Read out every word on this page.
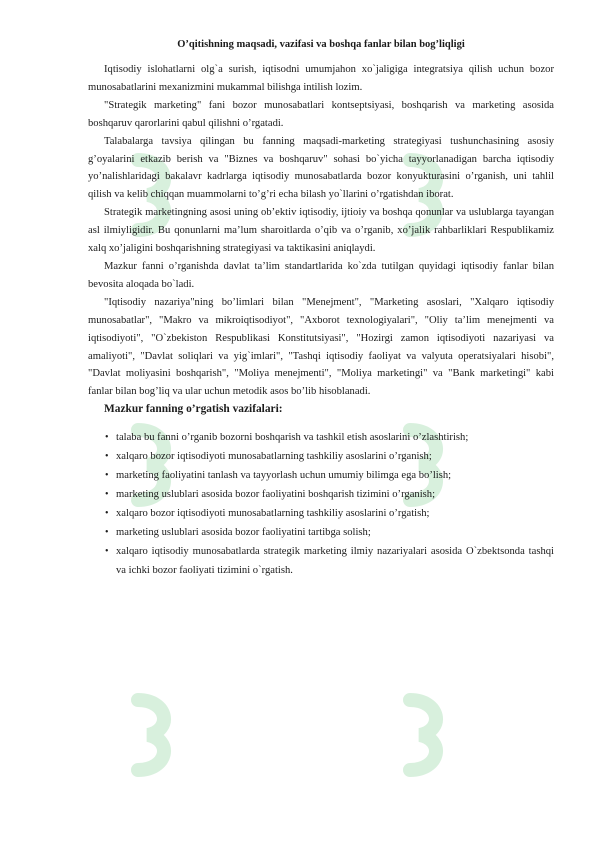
O’qitishning maqsadi, vazifasi va boshqa fanlar bilan bog’liqligi

Iqtisodiy islohatlarni olg`a surish, iqtisodni umumjahon xo`jaligiga integratsiya qilish uchun bozor munosabatlarini mexanizmini mukammal bilishga intilish lozim.

"Strategik marketing" fani bozor munosabatlari kontseptsiyasi, boshqarish va marketing asosida boshqaruv qarorlarini qabul qilishni o’rgatadi.

Talabalarga tavsiya qilingan bu fanning maqsadi-marketing strategiyasi tushunchasining asosiy g’oyalarini etkazib berish va "Biznes va boshqaruv" sohasi bo`yicha tayyorlanadigan barcha iqtisodiy yo’nalishlaridagi bakalavr kadrlarga iqtisodiy munosabatlarda bozor konyukturasini o’rganish, uni tahlil qilish va kelib chiqqan muammolarni to’g’ri echa bilash yo`llarini o’rgatishdan iborat.

Strategik marketingning asosi uning ob’ektiv iqtisodiy, ijtioiy va boshqa qonunlar va uslublarga tayangan asl ilmiyligidir. Bu qonunlarni ma’lum sharoitlarda o’qib va o’rganib, xo’jalik rahbarliklari Respublikamiz xalq xo’jaligini boshqarishning strategiyasi va taktikasini aniqlaydi.

Mazkur fanni o’rganishda davlat ta’lim standartlarida ko`zda tutilgan quyidagi iqtisodiy fanlar bilan bevosita aloqada bo`ladi.

"Iqtisodiy nazariya"ning bo’limlari bilan "Menejment", "Marketing asoslari, "Xalqaro iqtisodiy munosabatlar", "Makro va mikroiqtisodiyot", "Axborot texnologiyalari", "Oliy ta’lim menejmenti va iqtisodiyoti", "O`zbekiston Respublikasi Konstitutsiyasi", "Hozirgi zamon iqtisodiyoti nazariyasi va amaliyoti", "Davlat soliqlari va yig`imlari", "Tashqi iqtisodiy faoliyat va valyuta operatsiyalari hisobi", "Davlat moliyasini boshqarish", "Moliya menejmenti", "Moliya marketingi" va "Bank marketingi" kabi fanlar bilan bog’liq va ular uchun metodik asos bo’lib hisoblanadi.

Mazkur fanning o’rgatish vazifalari:
• talaba bu fanni o’rganib bozorni boshqarish va tashkil etish asoslarini o’zlashtirish;
• xalqaro bozor iqtisodiyoti munosabatlarning tashkiliy asoslarini o’rganish;
• marketing faoliyatini tanlash va tayyorlash uchun umumiy bilimga ega bo’lish;
• marketing uslublari asosida bozor faoliyatini boshqarish tizimini o’rganish;
• xalqaro bozor iqtisodiyoti munosabatlarning tashkiliy asoslarini o’rgatish;
• marketing uslublari asosida bozor faoliyatini tartibga solish;
• xalqaro iqtisodiy munosabatlarda strategik marketing ilmiy nazariyalari asosida O`zbektsonda tashqi va ichki bozor faoliyati tizimini o`rgatish.
